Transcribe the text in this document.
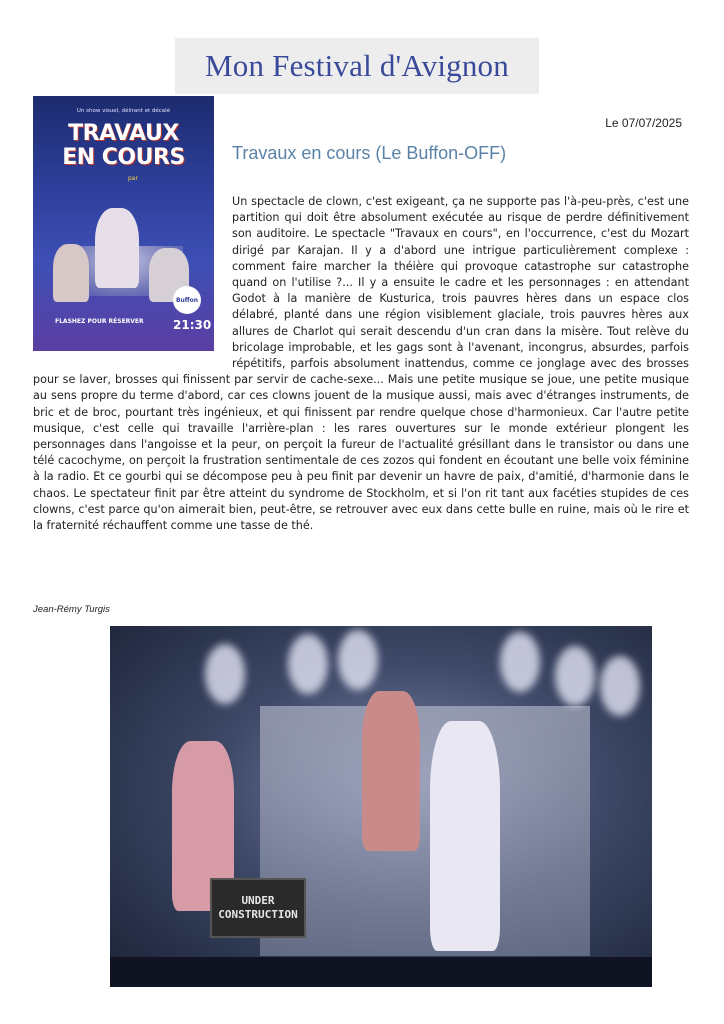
Mon Festival d'Avignon
Un show visuel, délirant et décalé
TRAVAUX
EN COURS
par
Buffon
FLASHEZ POUR RÉSERVER 21:30
Le 07/07/2025
Travaux en cours (Le Buffon-OFF)
Un spectacle de clown, c'est exigeant, ça ne supporte pas l'à-peu-près, c'est une partition qui doit être absolument exécutée au risque de perdre définitivement son auditoire. Le spectacle "Travaux en cours", en l'occurrence, c'est du Mozart dirigé par Karajan. Il y a d'abord une intrigue particulièrement complexe : comment faire marcher la théière qui provoque catastrophe sur catastrophe quand on l'utilise ?... Il y a ensuite le cadre et les personnages : en attendant Godot à la manière de Kusturica, trois pauvres hères dans un espace clos délabré, planté dans une région visiblement glaciale, trois pauvres hères aux allures de Charlot qui serait descendu d'un cran dans la misère. Tout relève du bricolage improbable, et les gags sont à l'avenant, incongrus, absurdes, parfois répétitifs, parfois absolument inattendus, comme ce jonglage avec des brosses pour se laver, brosses qui finissent par servir de cache-sexe... Mais une petite musique se joue, une petite musique au sens propre du terme d'abord, car ces clowns jouent de la musique aussi, mais avec d'étranges instruments, de bric et de broc, pourtant très ingénieux, et qui finissent par rendre quelque chose d'harmonieux. Car l'autre petite musique, c'est celle qui travaille l'arrière-plan : les rares ouvertures sur le monde extérieur plongent les personnages dans l'angoisse et la peur, on perçoit la fureur de l'actualité grésillant dans le transistor ou dans une télé cacochyme, on perçoit la frustration sentimentale de ces zozos qui fondent en écoutant une belle voix féminine à la radio. Et ce gourbi qui se décompose peu à peu finit par devenir un havre de paix, d'amitié, d'harmonie dans le chaos. Le spectateur finit par être atteint du syndrome de Stockholm, et si l'on rit tant aux facéties stupides de ces clowns, c'est parce qu'on aimerait bien, peut-être, se retrouver avec eux dans cette bulle en ruine, mais où le rire et la fraternité réchauffent comme une tasse de thé.
Jean-Rémy Turgis
UNDER
CONSTRUCTION
